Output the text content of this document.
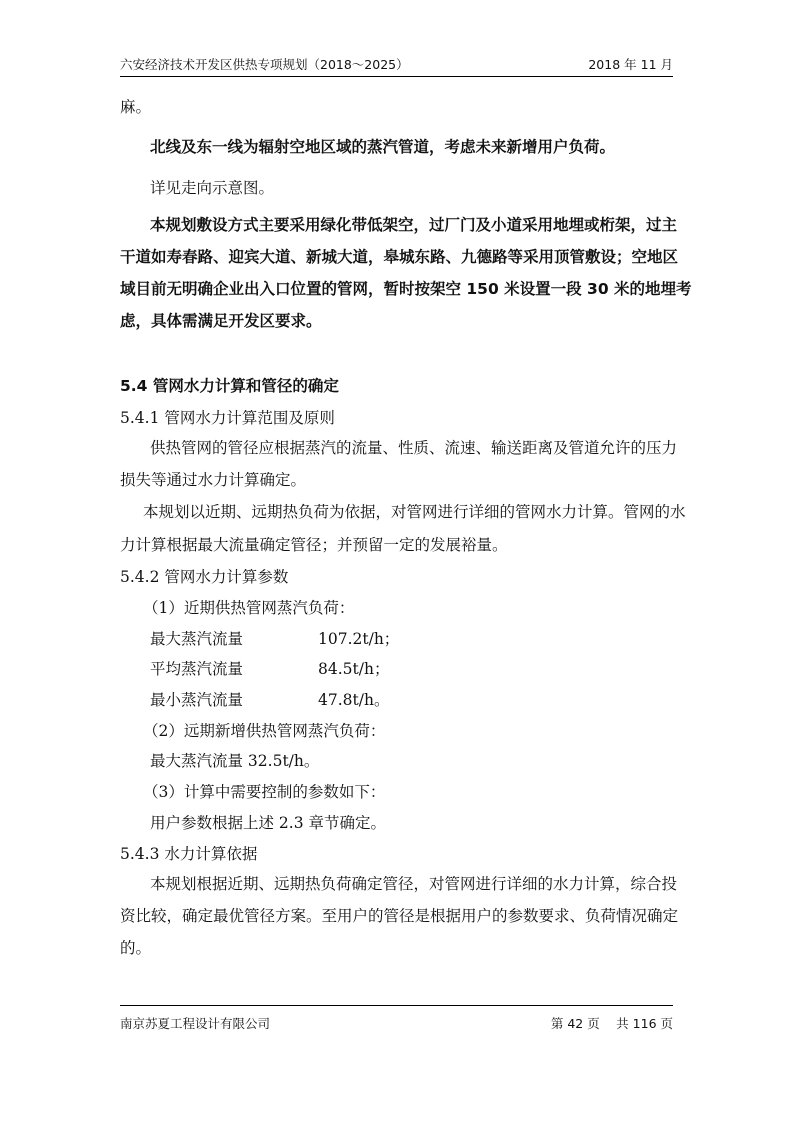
六安经济技术开发区供热专项规划（2018～2025）	2018 年 11 月
麻。
北线及东一线为辐射空地区域的蒸汽管道，考虑未来新增用户负荷。
详见走向示意图。
本规划敷设方式主要采用绿化带低架空，过厂门及小道采用地埋或桁架，过主
干道如寿春路、迎宾大道、新城大道，皋城东路、九德路等采用顶管敷设；空地区
域目前无明确企业出入口位置的管网，暂时按架空 150 米设置一段 30 米的地埋考
虑，具体需满足开发区要求。
5.4 管网水力计算和管径的确定
5.4.1 管网水力计算范围及原则
供热管网的管径应根据蒸汽的流量、性质、流速、输送距离及管道允许的压力
损失等通过水力计算确定。
本规划以近期、远期热负荷为依据，对管网进行详细的管网水力计算。管网的水
力计算根据最大流量确定管径；并预留一定的发展裕量。
5.4.2 管网水力计算参数
（1）近期供热管网蒸汽负荷：
最大蒸汽流量	107.2t/h；
平均蒸汽流量	84.5t/h；
最小蒸汽流量	47.8t/h。
（2）远期新增供热管网蒸汽负荷：
最大蒸汽流量 32.5t/h。
（3）计算中需要控制的参数如下：
用户参数根据上述 2.3 章节确定。
5.4.3 水力计算依据
本规划根据近期、远期热负荷确定管径，对管网进行详细的水力计算，综合投
资比较，确定最优管径方案。至用户的管径是根据用户的参数要求、负荷情况确定
的。
南京苏夏工程设计有限公司	第 42 页　 共 116 页
